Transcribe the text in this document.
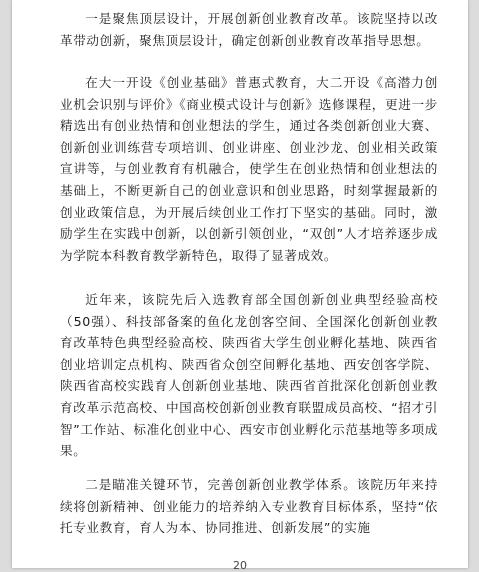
一是聚焦顶层设计，开展创新创业教育改革。该院坚持以改革带动创新，聚焦顶层设计，确定创新创业教育改革指导思想。

在大一开设《创业基础》普惠式教育，大二开设《高潜力创业机会识别与评价》《商业模式设计与创新》选修课程，更进一步精选出有创业热情和创业想法的学生，通过各类创新创业大赛、创新创业训练营专项培训、创业讲座、创业沙龙、创业相关政策宣讲等，与创业教育有机融合，使学生在创业热情和创业想法的基础上，不断更新自己的创业意识和创业思路，时刻掌握最新的创业政策信息，为开展后续创业工作打下坚实的基础。同时，激励学生在实践中创新，以创新引领创业，“双创”人才培养逐步成为学院本科教育教学新特色，取得了显著成效。

近年来，该院先后入选教育部全国创新创业典型经验高校（50强）、科技部备案的鱼化龙创客空间、全国深化创新创业教育改革特色典型经验高校、陕西省大学生创业孵化基地、陕西省创业培训定点机构、陕西省众创空间孵化基地、西安创客学院、陕西省高校实践育人创新创业基地、陕西省首批深化创新创业教育改革示范高校、中国高校创新创业教育联盟成员高校、“招才引智”工作站、标准化创业中心、西安市创业孵化示范基地等多项成果。

二是瞄准关键环节，完善创新创业教学体系。该院历年来持续将创新精神、创业能力的培养纳入专业教育目标体系，坚持“依托专业教育，育人为本、协同推进、创新发展”的实施

20
